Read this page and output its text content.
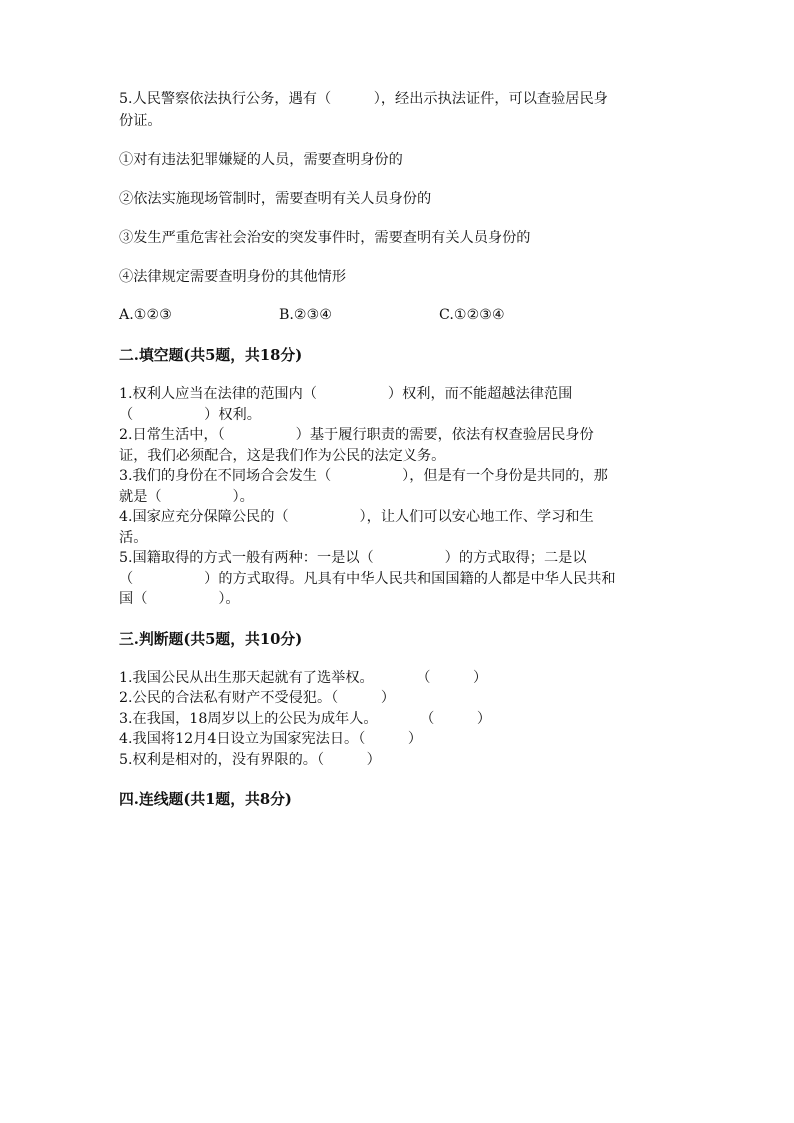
5.人民警察依法执行公务，遇有（　　　），经出示执法证件，可以查验居民身
份证。

①对有违法犯罪嫌疑的人员，需要查明身份的
②依法实施现场管制时，需要查明有关人员身份的
③发生严重危害社会治安的突发事件时，需要查明有关人员身份的
④法律规定需要查明身份的其他情形
A.①②③	B.②③④	C.①②③④
二.填空题(共5题，共18分)

1.权利人应当在法律的范围内（　　　　　）权利，而不能超越法律范围

（　　　　　）权利。

2.日常生活中，（　　　　　）基于履行职责的需要，依法有权查验居民身份

证，我们必须配合，这是我们作为公民的法定义务。

3.我们的身份在不同场合会发生（　　　　　），但是有一个身份是共同的，那

就是（　　　　　）。

4.国家应充分保障公民的（　　　　　），让人们可以安心地工作、学习和生

活。

5.国籍取得的方式一般有两种：一是以（　　　　　）的方式取得；二是以

（　　　　　）的方式取得。凡具有中华人民共和国国籍的人都是中华人民共和

国（　　　　　）。

三.判断题(共5题，共10分)

1.我国公民从出生那天起就有了选举权。　　　　（　　　）

2.公民的合法私有财产不受侵犯。（　　　）

3.在我国，18周岁以上的公民为成年人。　　　　（　　　）

4.我国将12月4日设立为国家宪法日。（　　　）

5.权利是相对的，没有界限的。（　　　）

四.连线题(共1题，共8分)
